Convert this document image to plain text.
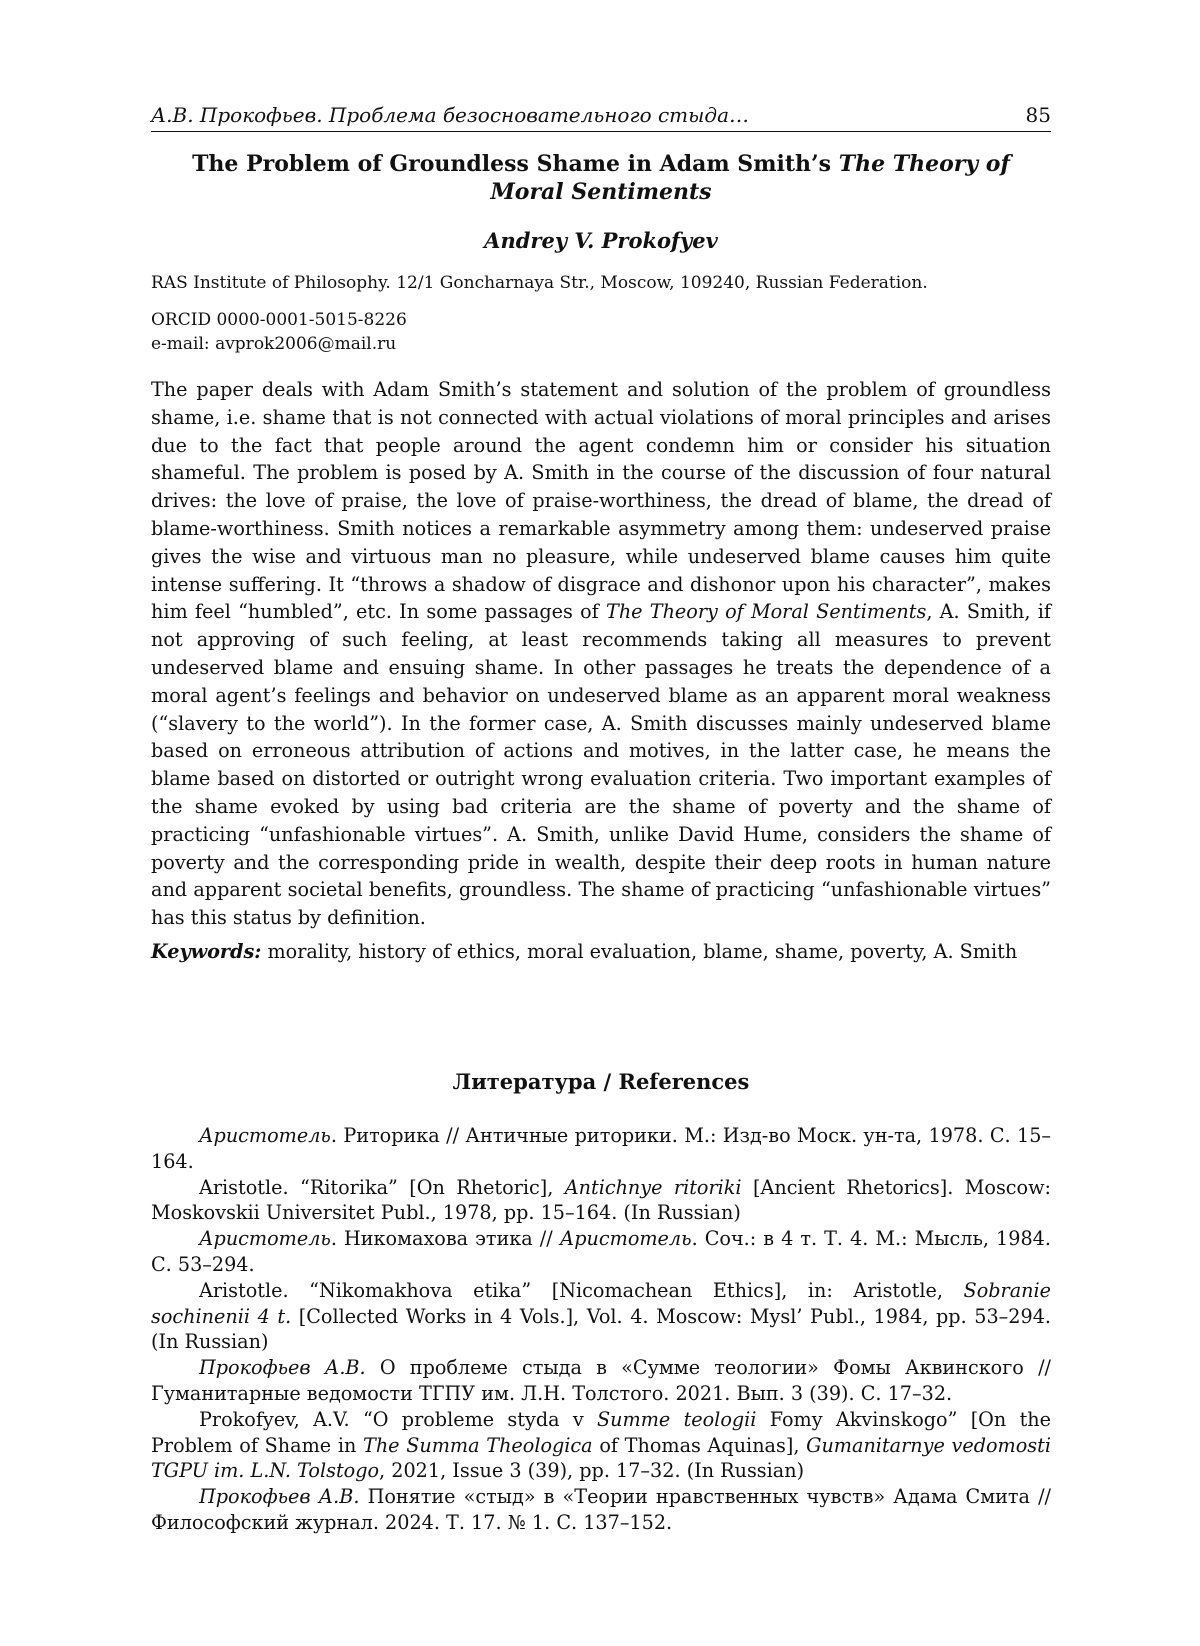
А.В. Прокофьев. Проблема безосновательного стыда…	85
The Problem of Groundless Shame in Adam Smith’s The Theory of Moral Sentiments
Andrey V. Prokofyev
RAS Institute of Philosophy. 12/1 Goncharnaya Str., Moscow, 109240, Russian Federation.
ORCID 0000-0001-5015-8226
e-mail: avprok2006@mail.ru
The paper deals with Adam Smith’s statement and solution of the problem of groundless shame, i.e. shame that is not connected with actual violations of moral principles and arises due to the fact that people around the agent condemn him or consider his situation shameful. The problem is posed by A. Smith in the course of the discussion of four natural drives: the love of praise, the love of praise-worthiness, the dread of blame, the dread of blame-worthiness. Smith notices a remarkable asymmetry among them: undeserved praise gives the wise and virtuous man no pleasure, while undeserved blame causes him quite intense suffering. It “throws a shadow of disgrace and dishonor upon his character”, makes him feel “humbled”, etc. In some passages of The Theory of Moral Sentiments, A. Smith, if not approving of such feeling, at least recommends taking all measures to prevent undeserved blame and ensuing shame. In other passages he treats the dependence of a moral agent’s feelings and behavior on undeserved blame as an apparent moral weakness (“slavery to the world”). In the former case, A. Smith discusses mainly undeserved blame based on erroneous attribution of actions and motives, in the latter case, he means the blame based on distorted or outright wrong evaluation criteria. Two important examples of the shame evoked by using bad criteria are the shame of poverty and the shame of practicing “unfashionable virtues”. A. Smith, unlike David Hume, considers the shame of poverty and the corresponding pride in wealth, despite their deep roots in human nature and apparent societal benefits, groundless. The shame of practicing “unfashionable virtues” has this status by definition.
Keywords: morality, history of ethics, moral evaluation, blame, shame, poverty, A. Smith
Литература / References

Аристотель. Риторика // Античные риторики. М.: Изд-во Моск. ун-та, 1978. С. 15–164.

Aristotle. “Ritorika” [On Rhetoric], Antichnye ritoriki [Ancient Rhetorics]. Moscow: Moskovskii Universitet Publ., 1978, pp. 15–164. (In Russian)

Аристотель. Никомахова этика // Аристотель. Соч.: в 4 т. Т. 4. М.: Мысль, 1984. С. 53–294.

Aristotle. “Nikomakhova etika” [Nicomachean Ethics], in: Aristotle, Sobranie sochinenii 4 t. [Collected Works in 4 Vols.], Vol. 4. Moscow: Mysl’ Publ., 1984, pp. 53–294. (In Russian)

Прокофьев А.В. О проблеме стыда в «Сумме теологии» Фомы Аквинского // Гуманитарные ведомости ТГПУ им. Л.Н. Толстого. 2021. Вып. 3 (39). С. 17–32.

Prokofyev, A.V. “O probleme styda v Summe teologii Fomy Akvinskogo” [On the Problem of Shame in The Summa Theologica of Thomas Aquinas], Gumanitarnye vedomosti TGPU im. L.N. Tolstogo, 2021, Issue 3 (39), pp. 17–32. (In Russian)

Прокофьев А.В. Понятие «стыд» в «Теории нравственных чувств» Адама Смита // Философский журнал. 2024. Т. 17. № 1. С. 137–152.
